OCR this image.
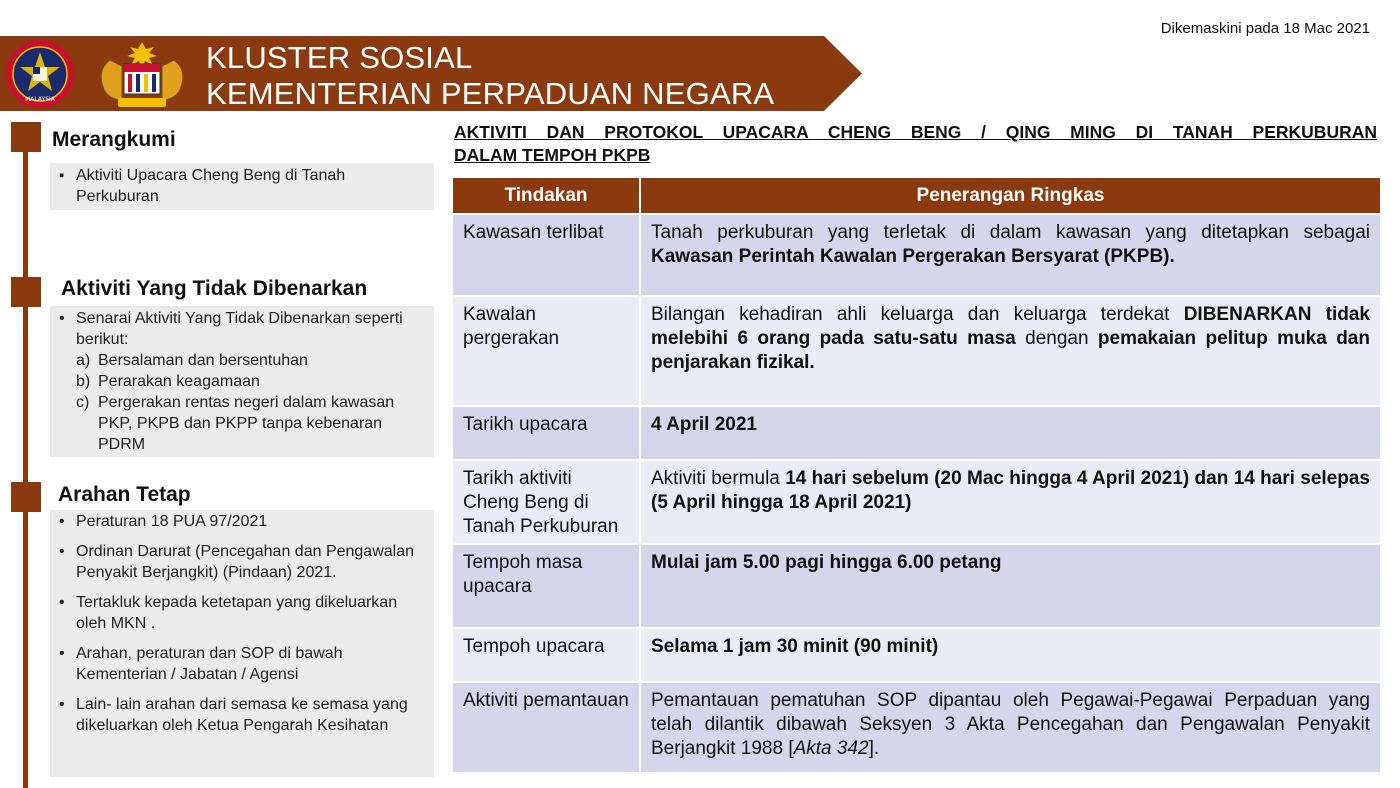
Dikemaskini pada 18 Mac 2021
MALAYSIA
KLUSTER SOSIAL
KEMENTERIAN PERPADUAN NEGARA
Merangkumi
▪ Aktiviti Upacara Cheng Beng di Tanah Perkuburan
Aktiviti Yang Tidak Dibenarkan
• Senarai Aktiviti Yang Tidak Dibenarkan seperti berikut:
a) Bersalaman dan bersentuhan
b) Perarakan keagamaan
c) Pergerakan rentas negeri dalam kawasan PKP, PKPB dan PKPP tanpa kebenaran PDRM
Arahan Tetap
• Peraturan 18 PUA 97/2021
• Ordinan Darurat (Pencegahan dan Pengawalan Penyakit Berjangkit) (Pindaan) 2021.
• Tertakluk kepada ketetapan yang dikeluarkan oleh MKN .
• Arahan, peraturan dan SOP di bawah Kementerian / Jabatan / Agensi
• Lain- lain arahan dari semasa ke semasa yang dikeluarkan oleh Ketua Pengarah Kesihatan
AKTIVITI DAN PROTOKOL UPACARA CHENG BENG / QING MING DI TANAH PERKUBURAN
DALAM TEMPOH PKPB
Tindakan	Penerangan Ringkas
Kawasan terlibat	Tanah perkuburan yang terletak di dalam kawasan yang ditetapkan sebagai Kawasan Perintah Kawalan Pergerakan Bersyarat (PKPB).
Kawalan pergerakan	Bilangan kehadiran ahli keluarga dan keluarga terdekat DIBENARKAN tidak melebihi 6 orang pada satu-satu masa dengan pemakaian pelitup muka dan penjarakan fizikal.
Tarikh upacara	4 April 2021
Tarikh aktiviti Cheng Beng di Tanah Perkuburan	Aktiviti bermula 14 hari sebelum (20 Mac hingga 4 April 2021) dan 14 hari selepas (5 April hingga 18 April 2021)
Tempoh masa upacara	Mulai jam 5.00 pagi hingga 6.00 petang
Tempoh upacara	Selama 1 jam 30 minit (90 minit)
Aktiviti pemantauan	Pemantauan pematuhan SOP dipantau oleh Pegawai-Pegawai Perpaduan yang telah dilantik dibawah Seksyen 3 Akta Pencegahan dan Pengawalan Penyakit Berjangkit 1988 [Akta 342].
